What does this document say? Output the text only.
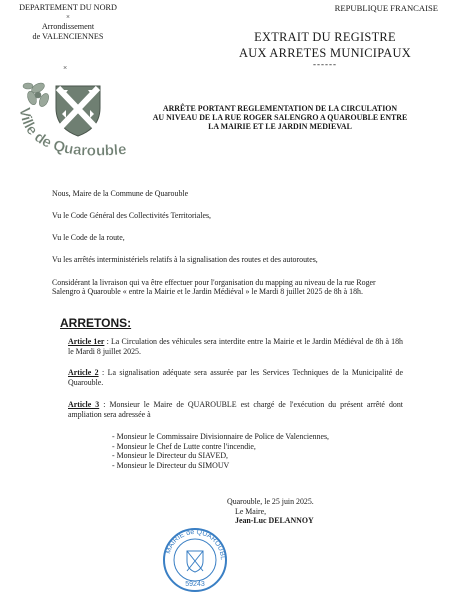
DEPARTEMENT DU NORD
×
Arrondissement
de VALENCIENNES
×
REPUBLIQUE FRANCAISE
EXTRAIT DU REGISTRE
AUX ARRETES MUNICIPAUX
------
Ville de Quarouble
ARRÊTE PORTANT REGLEMENTATION DE LA CIRCULATION
AU NIVEAU DE LA RUE ROGER SALENGRO A QUAROUBLE ENTRE
LA MAIRIE ET LE JARDIN MEDIEVAL

Nous, Maire de la Commune de Quarouble

Vu le Code Général des Collectivités Territoriales,

Vu le Code de la route,

Vu les arrêtés interministériels relatifs à la signalisation des routes et des autoroutes,

Considérant la livraison qui va être effectuer pour l'organisation du mapping au niveau de la rue Roger Salengro à Quarouble « entre la Mairie et le Jardin Médiéval » le Mardi 8 juillet 2025 de 8h à 18h.

ARRETONS:
Article 1er : La Circulation des véhicules sera interdite entre la Mairie et le Jardin Médiéval de 8h à 18h le Mardi 8 juillet 2025.
Article 2 : La signalisation adéquate sera assurée par les Services Techniques de la Municipalité de Quarouble.
Article 3 : Monsieur le Maire de QUAROUBLE est chargé de l'exécution du présent arrêté dont ampliation sera adressée à
- Monsieur le Commissaire Divisionnaire de Police de Valenciennes,
- Monsieur le Chef de Lutte contre l'incendie,
- Monsieur le Directeur du SIAVED,
- Monsieur le Directeur du SIMOUV
Quarouble, le 25 juin 2025.
Le Maire,
Jean-Luc DELANNOY
MAIRIE de QUAROUBL
59243
